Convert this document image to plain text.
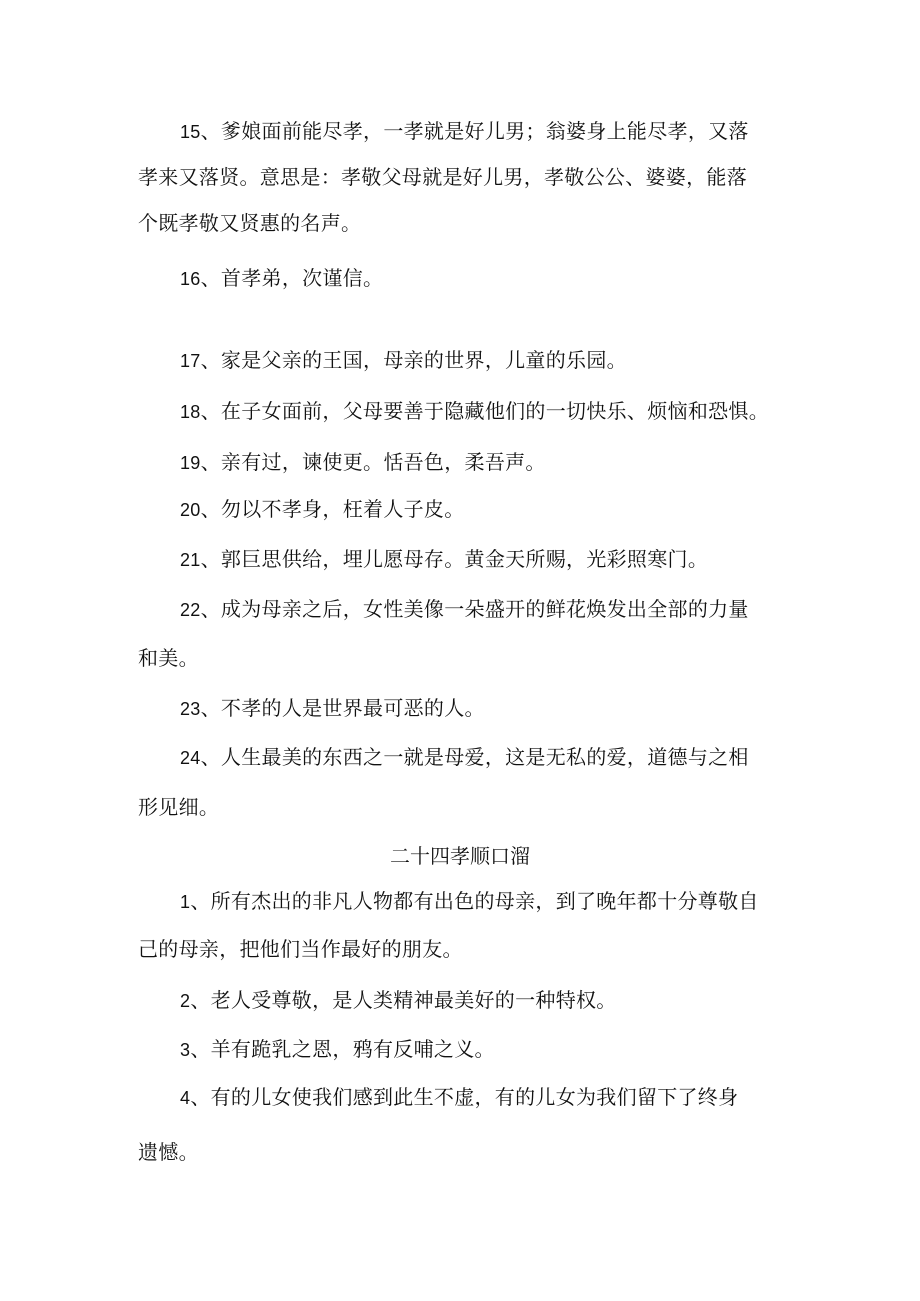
15、爹娘面前能尽孝，一孝就是好儿男；翁婆身上能尽孝，又落
孝来又落贤。意思是：孝敬父母就是好儿男，孝敬公公、婆婆，能落
个既孝敬又贤惠的名声。
16、首孝弟，次谨信。
17、家是父亲的王国，母亲的世界，儿童的乐园。
18、在子女面前，父母要善于隐藏他们的一切快乐、烦恼和恐惧。
19、亲有过，谏使更。恬吾色，柔吾声。
20、勿以不孝身，枉着人子皮。
21、郭巨思供给，埋儿愿母存。黄金天所赐，光彩照寒门。
22、成为母亲之后，女性美像一朵盛开的鲜花焕发出全部的力量
和美。
23、不孝的人是世界最可恶的人。
24、人生最美的东西之一就是母爱，这是无私的爱，道德与之相
形见细。
二十四孝顺口溜
1、所有杰出的非凡人物都有出色的母亲，到了晚年都十分尊敬自
己的母亲，把他们当作最好的朋友。
2、老人受尊敬，是人类精神最美好的一种特权。
3、羊有跪乳之恩，鸦有反哺之义。
4、有的儿女使我们感到此生不虚，有的儿女为我们留下了终身
遗憾。
